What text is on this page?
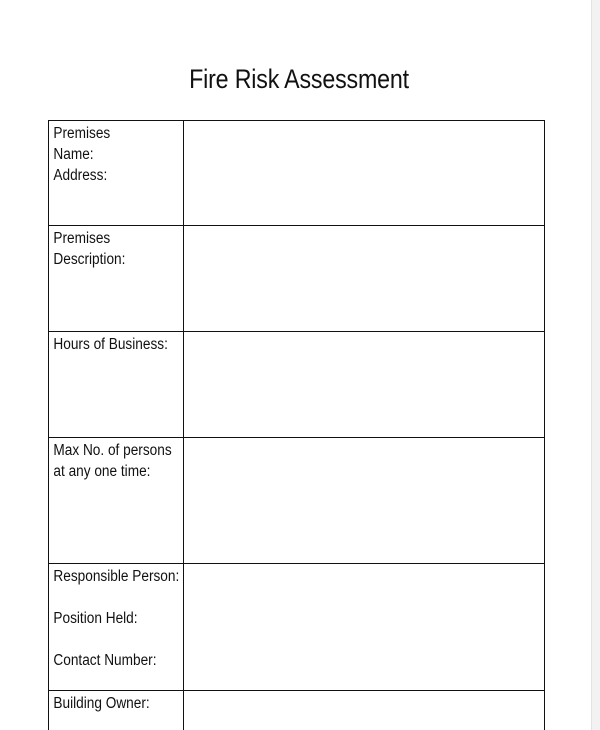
Fire Risk Assessment
Premises
Name:
Address:	

Premises
Description:	

Hours of Business:	

Max No. of persons
at any one time:	

Responsible Person:
Position Held:
Contact Number:	

Building Owner:	
